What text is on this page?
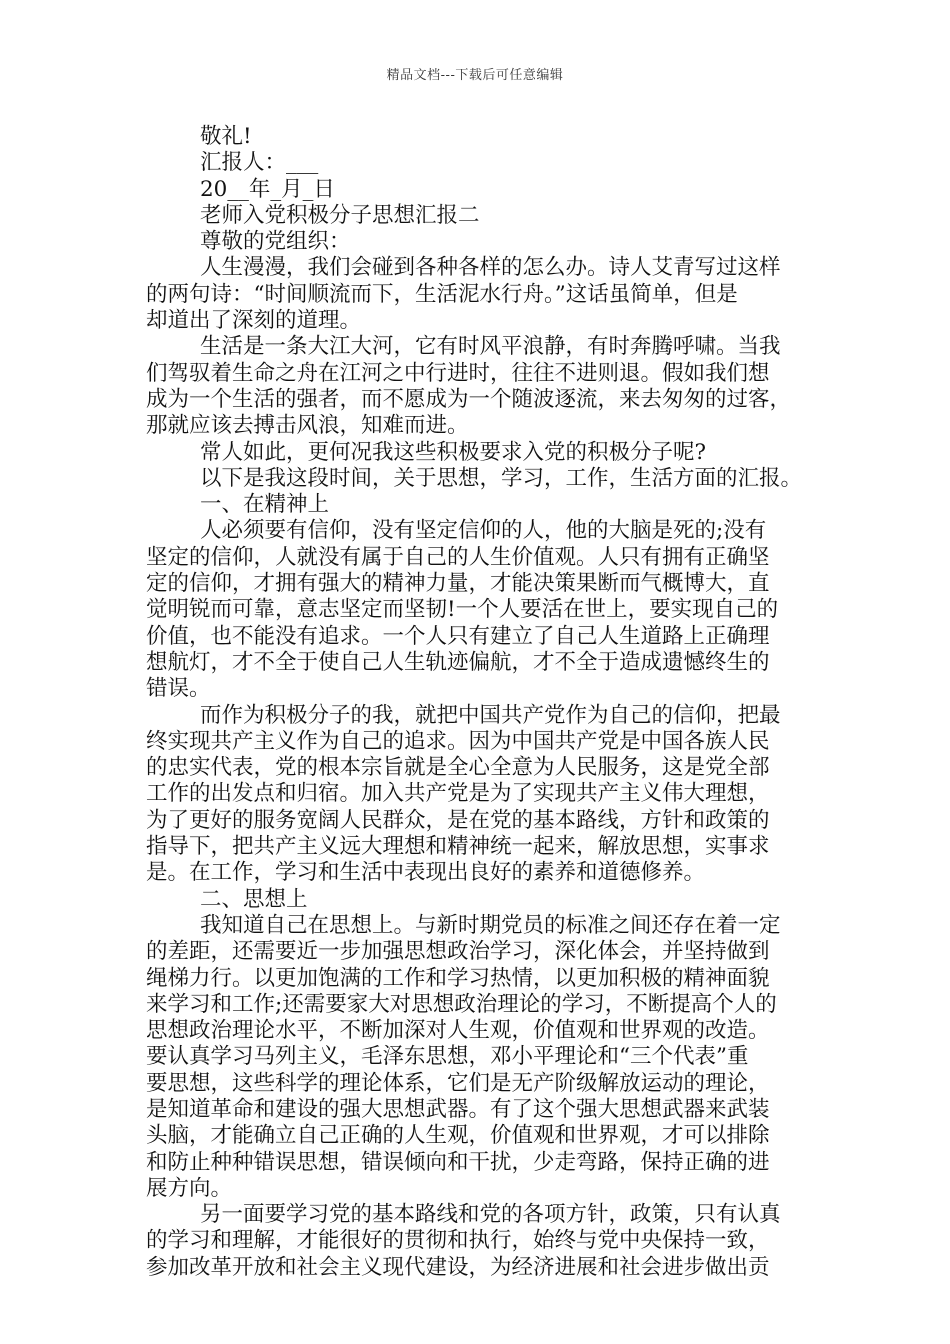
精品文档---下载后可任意编辑

敬礼!

汇报人：___

20__年_月_日

老师入党积极分子思想汇报二

尊敬的党组织：

人生漫漫，我们会碰到各种各样的怎么办。诗人艾青写过这样

的两句诗：“时间顺流而下，生活泥水行舟。”这话虽简单，但是

却道出了深刻的道理。

生活是一条大江大河，它有时风平浪静，有时奔腾呼啸。当我

们驾驭着生命之舟在江河之中行进时，往往不进则退。假如我们想

成为一个生活的强者，而不愿成为一个随波逐流，来去匆匆的过客，

那就应该去搏击风浪，知难而进。

常人如此，更何况我这些积极要求入党的积极分子呢?

以下是我这段时间，关于思想，学习，工作，生活方面的汇报。

一、在精神上

人必须要有信仰，没有坚定信仰的人，他的大脑是死的;没有

坚定的信仰，人就没有属于自己的人生价值观。人只有拥有正确坚

定的信仰，才拥有强大的精神力量，才能决策果断而气概博大，直

觉明锐而可靠，意志坚定而坚韧!一个人要活在世上，要实现自己的

价值，也不能没有追求。一个人只有建立了自己人生道路上正确理

想航灯，才不全于使自己人生轨迹偏航，才不全于造成遗憾终生的

错误。

而作为积极分子的我，就把中国共产党作为自己的信仰，把最

终实现共产主义作为自己的追求。因为中国共产党是中国各族人民

的忠实代表，党的根本宗旨就是全心全意为人民服务，这是党全部

工作的出发点和归宿。加入共产党是为了实现共产主义伟大理想，

为了更好的服务宽阔人民群众，是在党的基本路线，方针和政策的

指导下，把共产主义远大理想和精神统一起来，解放思想，实事求

是。在工作，学习和生活中表现出良好的素养和道德修养。

二、思想上

我知道自己在思想上。与新时期党员的标准之间还存在着一定

的差距，还需要近一步加强思想政治学习，深化体会，并坚持做到

绳梯力行。以更加饱满的工作和学习热情，以更加积极的精神面貌

来学习和工作;还需要家大对思想政治理论的学习，不断提高个人的

思想政治理论水平，不断加深对人生观，价值观和世界观的改造。

要认真学习马列主义，毛泽东思想，邓小平理论和“三个代表”重

要思想，这些科学的理论体系，它们是无产阶级解放运动的理论，

是知道革命和建设的强大思想武器。有了这个强大思想武器来武装

头脑，才能确立自己正确的人生观，价值观和世界观，才可以排除

和防止种种错误思想，错误倾向和干扰，少走弯路，保持正确的进

展方向。

另一面要学习党的基本路线和党的各项方针，政策，只有认真

的学习和理解，才能很好的贯彻和执行，始终与党中央保持一致，

参加改革开放和社会主义现代建设，为经济进展和社会进步做出贡
